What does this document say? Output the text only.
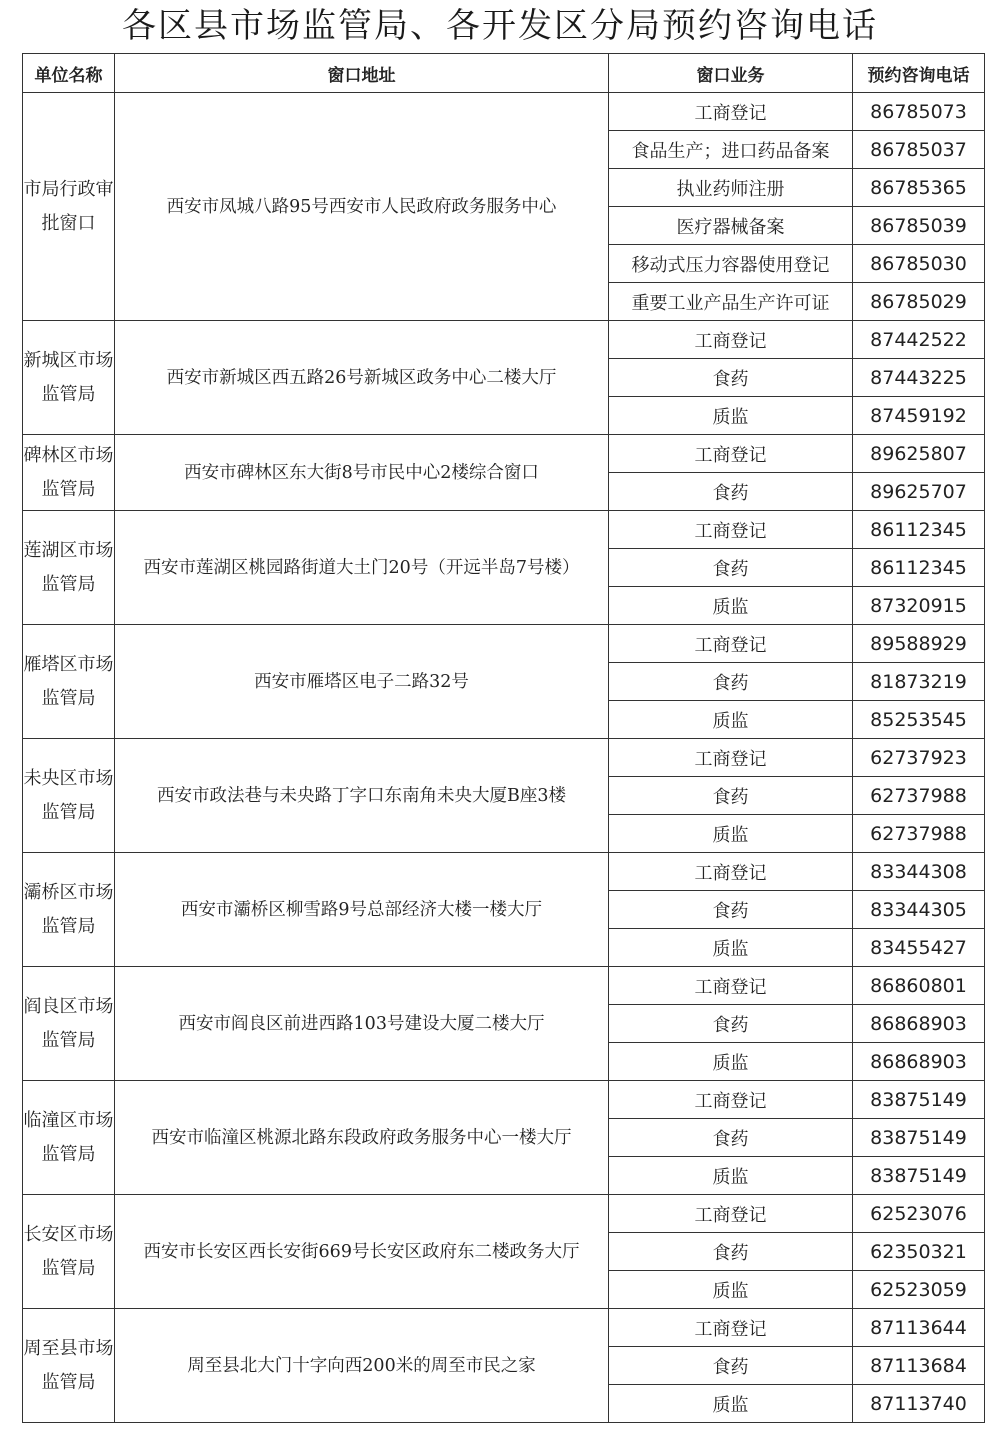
各区县市场监管局、各开发区分局预约咨询电话
单位名称	窗口地址	窗口业务	预约咨询电话
市局行政审批窗口	西安市凤城八路95号西安市人民政府政务服务中心	工商登记	86785073
		食品生产；进口药品备案	86785037
		执业药师注册	86785365
		医疗器械备案	86785039
		移动式压力容器使用登记	86785030
		重要工业产品生产许可证	86785029
新城区市场监管局	西安市新城区西五路26号新城区政务中心二楼大厅	工商登记	87442522
		食药	87443225
		质监	87459192
碑林区市场监管局	西安市碑林区东大街8号市民中心2楼综合窗口	工商登记	89625807
		食药	89625707
莲湖区市场监管局	西安市莲湖区桃园路街道大土门20号（开远半岛7号楼）	工商登记	86112345
		食药	86112345
		质监	87320915
雁塔区市场监管局	西安市雁塔区电子二路32号	工商登记	89588929
		食药	81873219
		质监	85253545
未央区市场监管局	西安市政法巷与未央路丁字口东南角未央大厦B座3楼	工商登记	62737923
		食药	62737988
		质监	62737988
灞桥区市场监管局	西安市灞桥区柳雪路9号总部经济大楼一楼大厅	工商登记	83344308
		食药	83344305
		质监	83455427
阎良区市场监管局	西安市阎良区前进西路103号建设大厦二楼大厅	工商登记	86860801
		食药	86868903
		质监	86868903
临潼区市场监管局	西安市临潼区桃源北路东段政府政务服务中心一楼大厅	工商登记	83875149
		食药	83875149
		质监	83875149
长安区市场监管局	西安市长安区西长安街669号长安区政府东二楼政务大厅	工商登记	62523076
		食药	62350321
		质监	62523059
周至县市场监管局	周至县北大门十字向西200米的周至市民之家	工商登记	87113644
		食药	87113684
		质监	87113740
